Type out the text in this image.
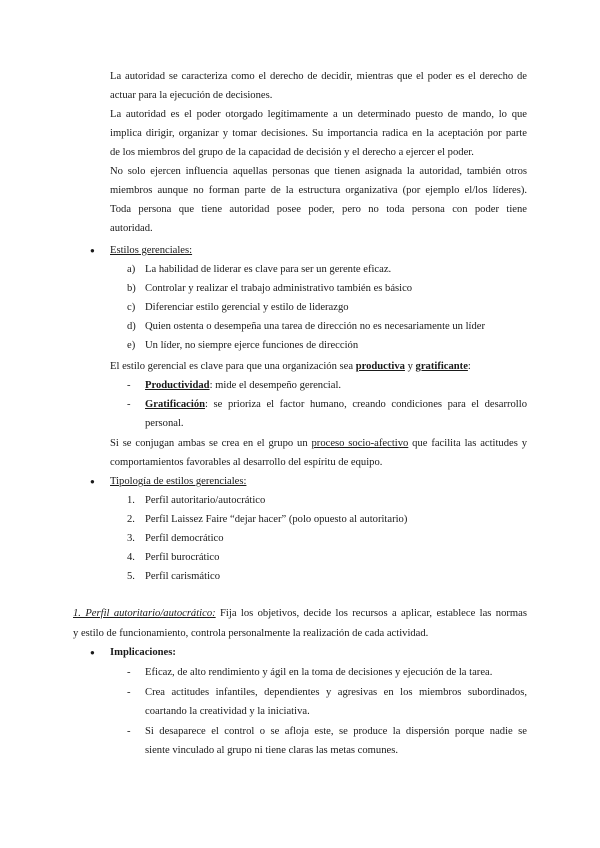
La autoridad se caracteriza como el derecho de decidir, mientras que el poder es el derecho de
actuar para la ejecución de decisiones.
La autoridad es el poder otorgado legítimamente a un determinado puesto de mando, lo que
implica dirigir, organizar y tomar decisiones. Su importancia radica en la aceptación por parte
de los miembros del grupo de la capacidad de decisión y el derecho a ejercer el poder.
No solo ejercen influencia aquellas personas que tienen asignada la autoridad, también otros
miembros aunque no forman parte de la estructura organizativa (por ejemplo el/los líderes).
Toda persona que tiene autoridad posee poder, pero no toda persona con poder tiene
autoridad.
● Estilos gerenciales:
a) La habilidad de liderar es clave para ser un gerente eficaz.
b) Controlar y realizar el trabajo administrativo también es básico
c) Diferenciar estilo gerencial y estilo de liderazgo
d) Quien ostenta o desempeña una tarea de dirección no es necesariamente un líder
e) Un líder, no siempre ejerce funciones de dirección
El estilo gerencial es clave para que una organización sea productiva y gratificante:
- Productividad: mide el desempeño gerencial.
- Gratificación: se prioriza el factor humano, creando condiciones para el desarrollo
personal.
Si se conjugan ambas se crea en el grupo un proceso socio-afectivo que facilita las actitudes y
comportamientos favorables al desarrollo del espíritu de equipo.
● Tipología de estilos gerenciales:
1. Perfil autoritario/autocrático
2. Perfil Laissez Faire “dejar hacer” (polo opuesto al autoritario)
3. Perfil democrático
4. Perfil burocrático
5. Perfil carismático
1. Perfil autoritario/autocrático: Fija los objetivos, decide los recursos a aplicar, establece las normas
y estilo de funcionamiento, controla personalmente la realización de cada actividad.
● Implicaciones:
- Eficaz, de alto rendimiento y ágil en la toma de decisiones y ejecución de la tarea.
- Crea actitudes infantiles, dependientes y agresivas en los miembros subordinados,
coartando la creatividad y la iniciativa.
- Si desaparece el control o se afloja este, se produce la dispersión porque nadie se
siente vinculado al grupo ni tiene claras las metas comunes.
